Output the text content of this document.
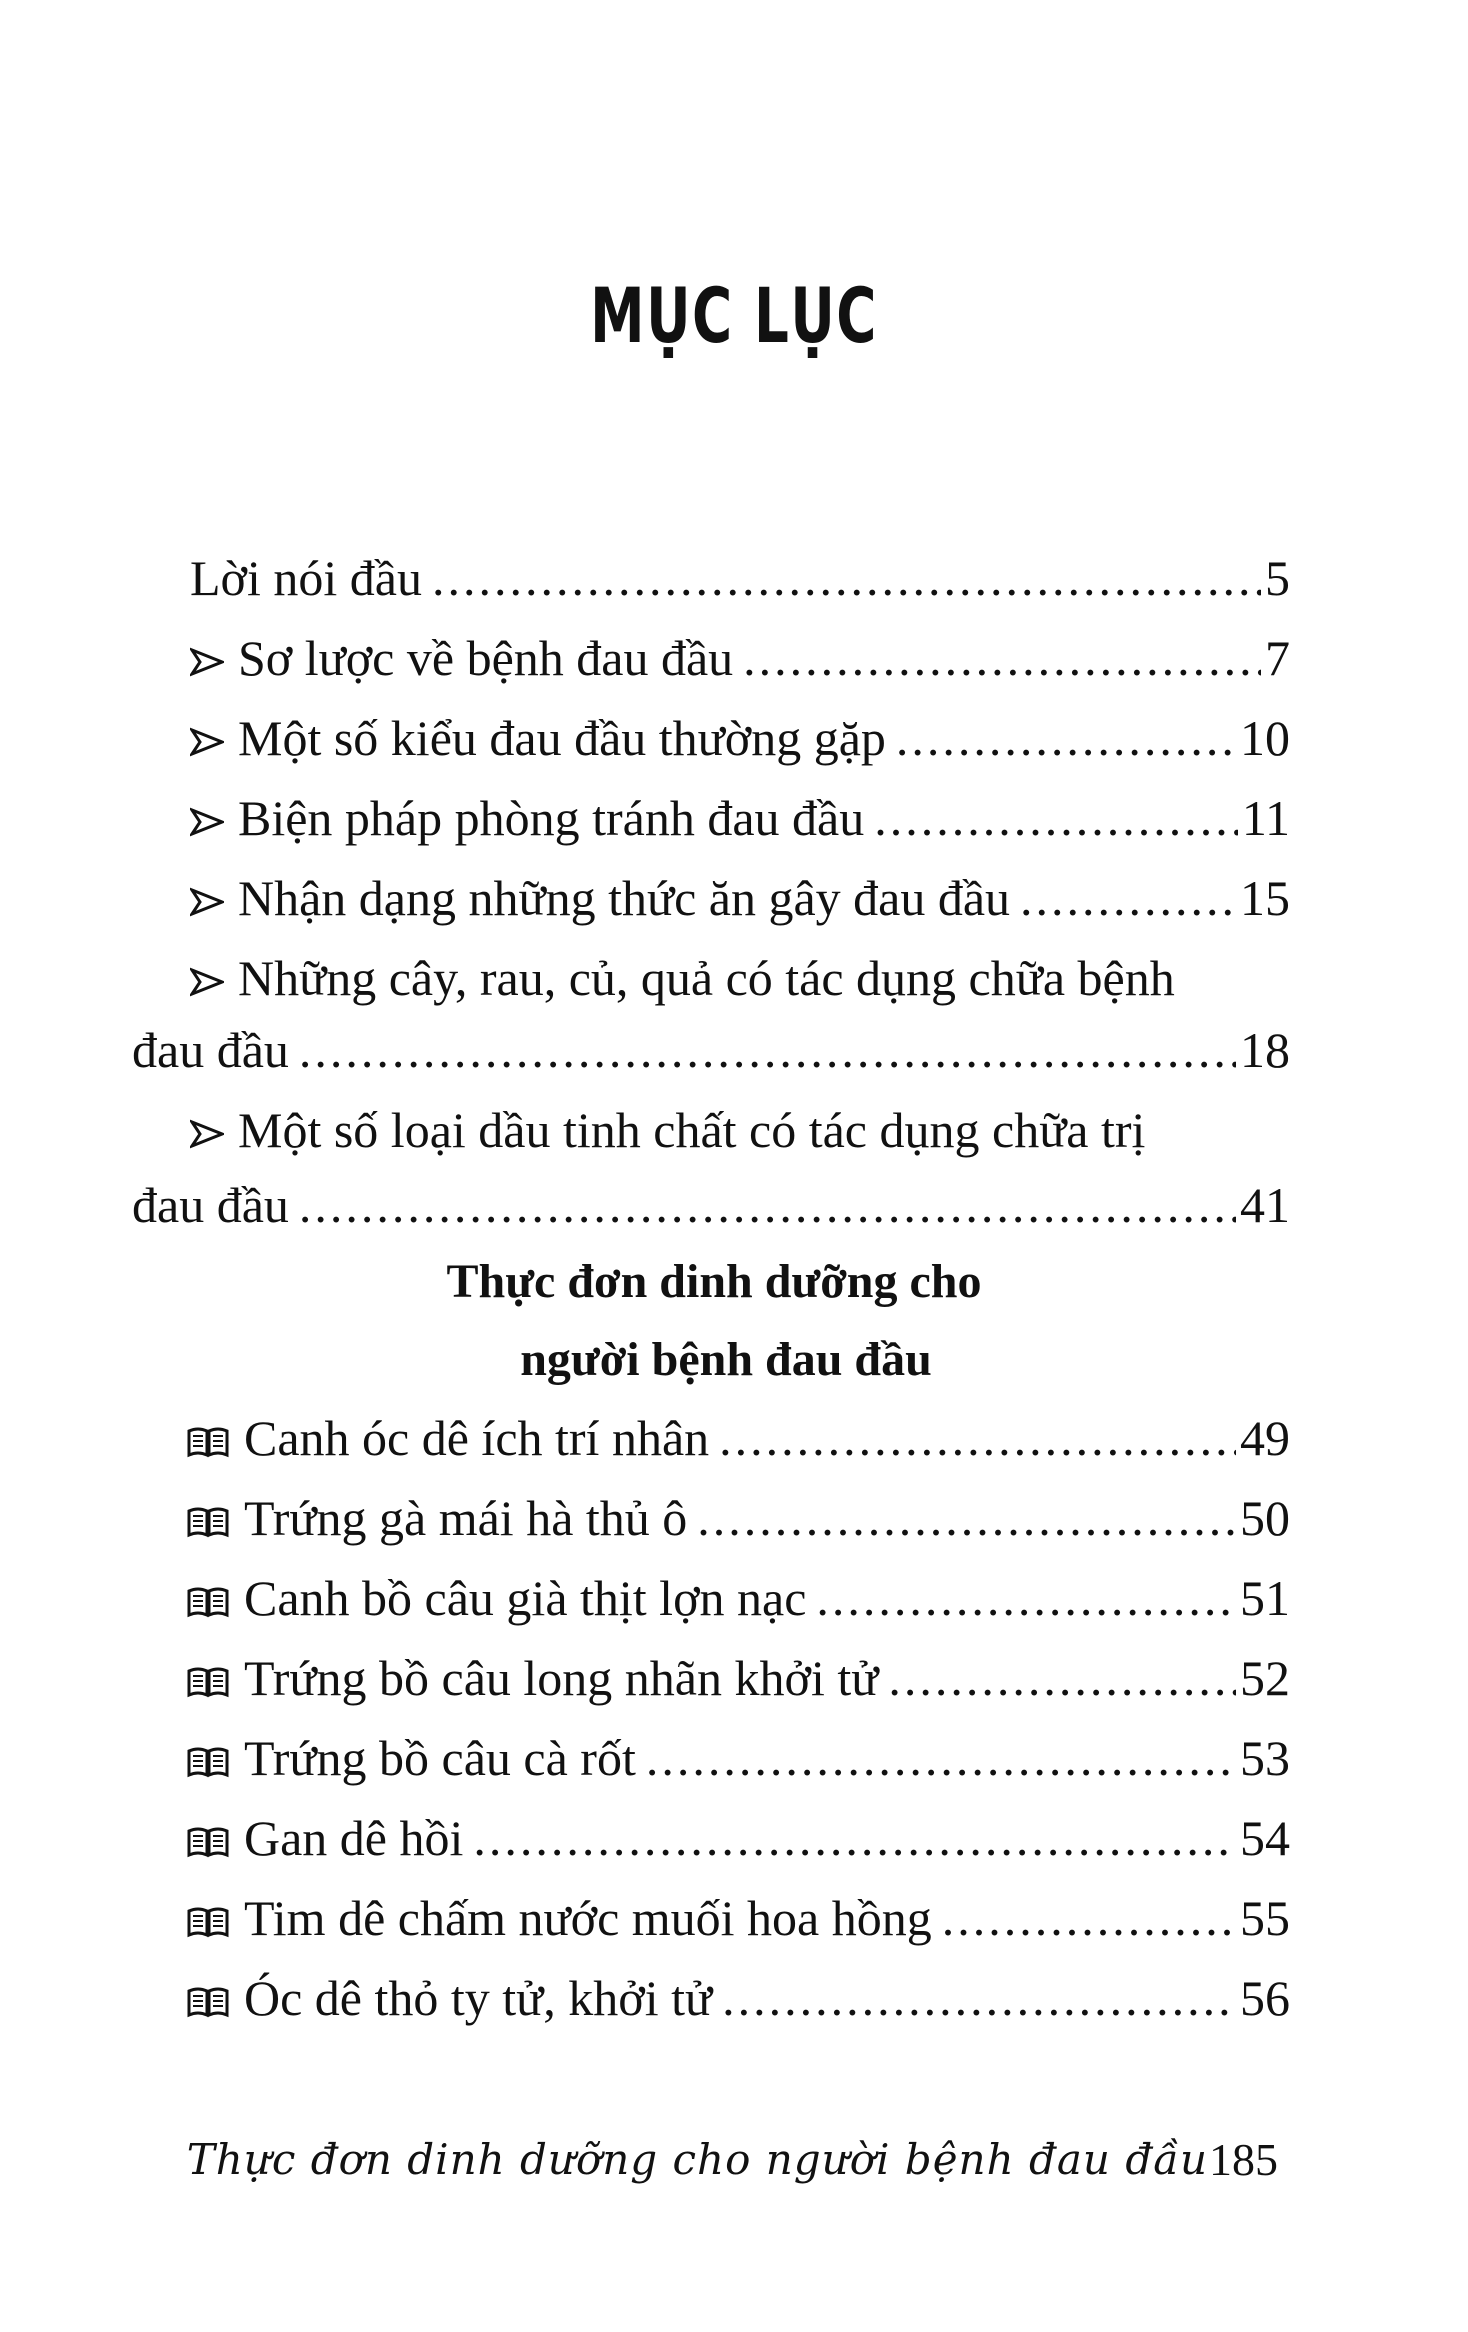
MỤC LỤC
Lời nói đầu .....	5
Sơ lược về bệnh đau đầu .....	7
Một số kiểu đau đầu thường gặp .....	10
Biện pháp phòng tránh đau đầu .....	11
Nhận dạng những thức ăn gây đau đầu .....	15
Những cây, rau, củ, quả có tác dụng chữa bệnh
đau đầu .....	18
Một số loại dầu tinh chất có tác dụng chữa trị
đau đầu .....	41
Thực đơn dinh dưỡng cho
người bệnh đau đầu
Canh óc dê ích trí nhân .....	49
Trứng gà mái hà thủ ô .....	50
Canh bồ câu già thịt lợn nạc .....	51
Trứng bồ câu long nhãn khởi tử .....	52
Trứng bồ câu cà rốt .....	53
Gan dê hồi .....	54
Tim dê chấm nước muối hoa hồng .....	55
Óc dê thỏ ty tử, khởi tử .....	56
Thực đơn dinh dưỡng cho người bệnh đau đầu 185
